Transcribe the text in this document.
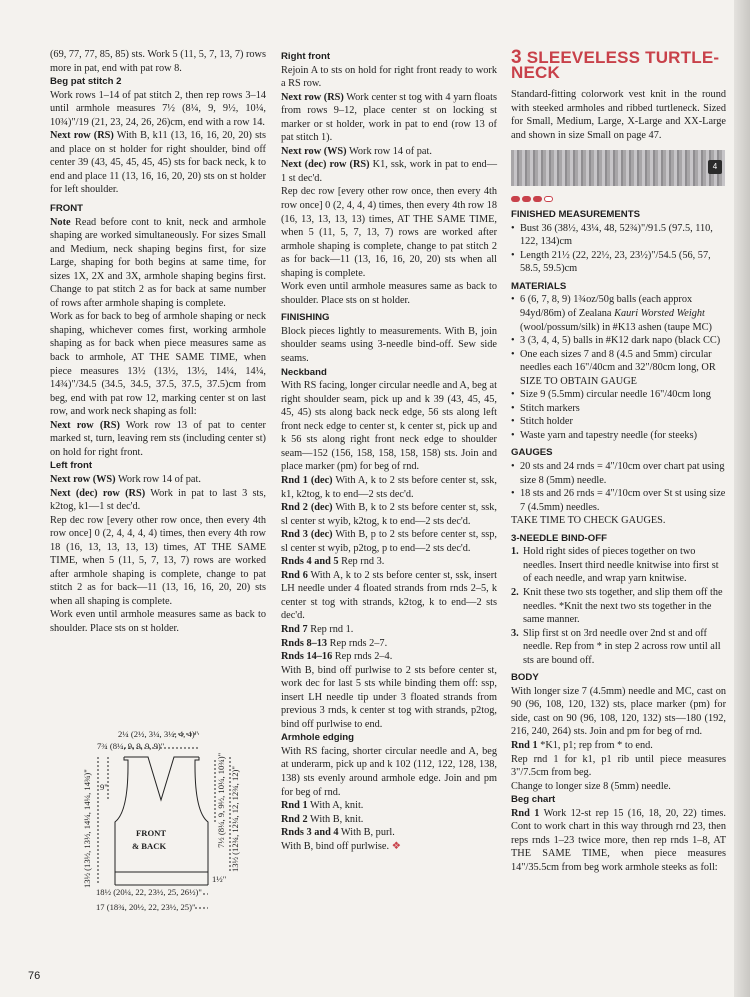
(69, 77, 77, 85, 85) sts. Work 5 (11, 5, 7, 13, 7) rows more in pat, end with pat row 8.

Beg pat stitch 2

Work rows 1–14 of pat stitch 2, then rep rows 3–14 until armhole measures 7½ (8¼, 9, 9½, 10¼, 10¾)"/19 (21, 23, 24, 26, 26)cm, end with a row 14.

Next row (RS) With B, k11 (13, 16, 16, 20, 20) sts and place on st holder for right shoulder, bind off center 39 (43, 45, 45, 45, 45) sts for back neck, k to end and place 11 (13, 16, 16, 20, 20) sts on st holder for left shoulder.

FRONT

Note Read before cont to knit, neck and armhole shaping are worked simultaneously. For sizes Small and Medium, neck shaping begins first, for size Large, shaping for both begins at same time, for sizes 1X, 2X and 3X, armhole shaping begins first. Change to pat stitch 2 as for back at same number of rows after armhole shaping is complete.

Work as for back to beg of armhole shaping or neck shaping, whichever comes first, working armhole shaping as for back when piece measures same as back to armhole, AT THE SAME TIME, when piece measures 13½ (13½, 13½, 14¼, 14¼, 14¾)"/34.5 (34.5, 34.5, 37.5, 37.5, 37.5)cm from beg, end with pat row 12, marking center st on last row, and work neck shaping as foll:

Next row (RS) Work row 13 of pat to center marked st, turn, leaving rem sts (including center st) on hold for right front.

Left front

Next row (WS) Work row 14 of pat.

Next (dec) row (RS) Work in pat to last 3 sts, k2tog, k1—1 st dec'd.

Rep dec row [every other row once, then every 4th row once] 0 (2, 4, 4, 4, 4) times, then every 4th row 18 (16, 13, 13, 13, 13) times, AT THE SAME TIME, when 5 (11, 5, 7, 13, 7) rows are worked after armhole shaping is complete, change to pat stitch 2 as for back—11 (13, 16, 16, 20, 20) sts when all shaping is complete.

Work even until armhole measures same as back to shoulder. Place sts on st holder.

2¼ (2½, 3¼, 3¼, 4, 4)"
7¾ (8¼, 9, 9, 9, 9)"
9"
FRONT
& BACK
13½ (13½, 13½, 14¼, 14¼, 14¾)"	7½ (8¼, 9, 9½, 10¼, 10¾)" 13½ (12¾, 12¼, 12, 12¾, 12)"
1½"
18½ (20¼, 22, 23½, 25, 26½)"
17 (18¾, 20½, 22, 23½, 25)"
Right front

Rejoin A to sts on hold for right front ready to work a RS row.

Next row (RS) Work center st tog with 4 yarn floats from rows 9–12, place center st on locking st marker or st holder, work in pat to end (row 13 of pat stitch 1).

Next row (WS) Work row 14 of pat.

Next (dec) row (RS) K1, ssk, work in pat to end—1 st dec'd.

Rep dec row [every other row once, then every 4th row once] 0 (2, 4, 4, 4) times, then every 4th row 18 (16, 13, 13, 13, 13) times, AT THE SAME TIME, when 5 (11, 5, 7, 13, 7) rows are worked after armhole shaping is complete, change to pat stitch 2 as for back—11 (13, 16, 16, 20, 20) sts when all shaping is complete.

Work even until armhole measures same as back to shoulder. Place sts on st holder.

FINISHING

Block pieces lightly to measurements. With B, join shoulder seams using 3-needle bind-off. Sew side seams.

Neckband

With RS facing, longer circular needle and A, beg at right shoulder seam, pick up and k 39 (43, 45, 45, 45, 45) sts along back neck edge, 56 sts along left front neck edge to center st, k center st, pick up and k 56 sts along right front neck edge to shoulder seam—152 (156, 158, 158, 158, 158) sts. Join and place marker (pm) for beg of rnd.

Rnd 1 (dec) With A, k to 2 sts before center st, ssk, k1, k2tog, k to end—2 sts dec'd.

Rnd 2 (dec) With B, k to 2 sts before center st, ssk, sl center st wyib, k2tog, k to end—2 sts dec'd.

Rnd 3 (dec) With B, p to 2 sts before center st, ssp, sl center st wyib, p2tog, p to end—2 sts dec'd.

Rnds 4 and 5 Rep rnd 3.

Rnd 6 With A, k to 2 sts before center st, ssk, insert LH needle under 4 floated strands from rnds 2–5, k center st tog with strands, k2tog, k to end—2 sts dec'd.

Rnd 7 Rep rnd 1.

Rnds 8–13 Rep rnds 2–7.

Rnds 14–16 Rep rnds 2–4.

With B, bind off purlwise to 2 sts before center st, work dec for last 5 sts while binding them off: ssp, insert LH needle tip under 3 floated strands from previous 3 rnds, k center st tog with strands, p2tog, bind off purlwise to end.

Armhole edging

With RS facing, shorter circular needle and A, beg at underarm, pick up and k 102 (112, 122, 128, 138, 138) sts evenly around armhole edge. Join and pm for beg of rnd.

Rnd 1 With A, knit.

Rnd 2 With B, knit.

Rnds 3 and 4 With B, purl.

With B, bind off purlwise. ❖

3 SLEEVELESS TURTLE-
NECK

Standard-fitting colorwork vest knit in the round with steeked armholes and ribbed turtleneck. Sized for Small, Medium, Large, X-Large and XX-Large and shown in size Small on page 47.

4
FINISHED MEASUREMENTS
• Bust 36 (38½, 43¼, 48, 52¾)"/91.5 (97.5, 110, 122, 134)cm
• Length 21½ (22, 22½, 23, 23½)"/54.5 (56, 57, 58.5, 59.5)cm
MATERIALS
• 6 (6, 7, 8, 9) 1¾oz/50g balls (each approx 94yd/86m) of Zealana Kauri Worsted Weight (wool/possum/silk) in #K13 ashen (taupe MC)
• 3 (3, 4, 4, 5) balls in #K12 dark napo (black CC)
• One each sizes 7 and 8 (4.5 and 5mm) circular needles each 16"/40cm and 32"/80cm long, OR SIZE TO OBTAIN GAUGE
• Size 9 (5.5mm) circular needle 16"/40cm long
• Stitch markers
• Stitch holder
• Waste yarn and tapestry needle (for steeks)
GAUGES
• 20 sts and 24 rnds = 4"/10cm over chart pat using size 8 (5mm) needle.
• 18 sts and 26 rnds = 4"/10cm over St st using size 7 (4.5mm) needles.

TAKE TIME TO CHECK GAUGES.

3-NEEDLE BIND-OFF
1. Hold right sides of pieces together on two needles. Insert third needle knitwise into first st of each needle, and wrap yarn knitwise.
2. Knit these two sts together, and slip them off the needles. *Knit the next two sts together in the same manner.
3. Slip first st on 3rd needle over 2nd st and off needle. Rep from * in step 2 across row until all sts are bound off.
BODY

With longer size 7 (4.5mm) needle and MC, cast on 90 (96, 108, 120, 132) sts, place marker (pm) for side, cast on 90 (96, 108, 120, 132) sts—180 (192, 216, 240, 264) sts. Join and pm for beg of rnd.

Rnd 1 *K1, p1; rep from * to end.

Rep rnd 1 for k1, p1 rib until piece measures 3"/7.5cm from beg.

Change to longer size 8 (5mm) needle.

Beg chart

Rnd 1 Work 12-st rep 15 (16, 18, 20, 22) times. Cont to work chart in this way through rnd 23, then reps rnds 1–23 twice more, then rep rnds 1–8, AT THE SAME TIME, when piece measures 14"/35.5cm from beg work armhole steeks as foll:

76
